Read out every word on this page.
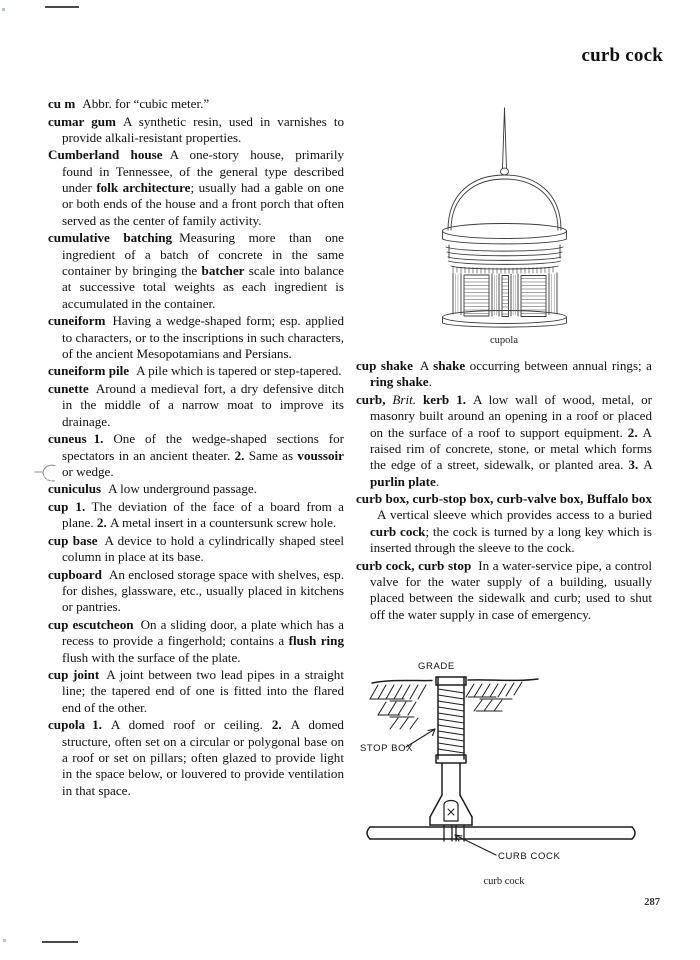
curb cock

cu m Abbr. for “cubic meter.”

cumar gum A synthetic resin, used in varnishes to provide alkali-resistant properties.

Cumberland house A one-story house, primarily found in Tennessee, of the general type described under folk architecture; usually had a gable on one or both ends of the house and a front porch that often served as the center of family activity.

cumulative batching Measuring more than one ingredient of a batch of concrete in the same container by bringing the batcher scale into balance at successive total weights as each ingredient is accumulated in the container.

cuneiform Having a wedge-shaped form; esp. applied to characters, or to the inscriptions in such characters, of the ancient Mesopotamians and Persians.

cuneiform pile A pile which is tapered or step-tapered.

cunette Around a medieval fort, a dry defensive ditch in the middle of a narrow moat to improve its drainage.

cuneus 1. One of the wedge-shaped sections for spectators in an ancient theater. 2. Same as voussoir or wedge.

cuniculus A low underground passage.

cup 1. The deviation of the face of a board from a plane. 2. A metal insert in a countersunk screw hole.

cup base A device to hold a cylindrically shaped steel column in place at its base.

cupboard An enclosed storage space with shelves, esp. for dishes, glassware, etc., usually placed in kitchens or pantries.

cup escutcheon On a sliding door, a plate which has a recess to provide a fingerhold; contains a flush ring flush with the surface of the plate.

cup joint A joint between two lead pipes in a straight line; the tapered end of one is fitted into the flared end of the other.

cupola 1. A domed roof or ceiling. 2. A domed structure, often set on a circular or polygonal base on a roof or set on pillars; often glazed to provide light in the space below, or louvered to provide ventilation in that space.

cup shake A shake occurring between annual rings; a ring shake.

curb, Brit. kerb 1. A low wall of wood, metal, or masonry built around an opening in a roof or placed on the surface of a roof to support equipment. 2. A raised rim of concrete, stone, or metal which forms the edge of a street, sidewalk, or planted area. 3. A purlin plate.

curb box, curb-stop box, curb-valve box, Buffalo boxA vertical sleeve which provides access to a buried curb cock; the cock is turned by a long key which is inserted through the sleeve to the cock.

curb cock, curb stop In a water-service pipe, a control valve for the water supply of a building, usually placed between the sidewalk and curb; used to shut off the water supply in case of emergency.

cupola
GRADE
STOP BOX
CURB COCK
curb cock
287
